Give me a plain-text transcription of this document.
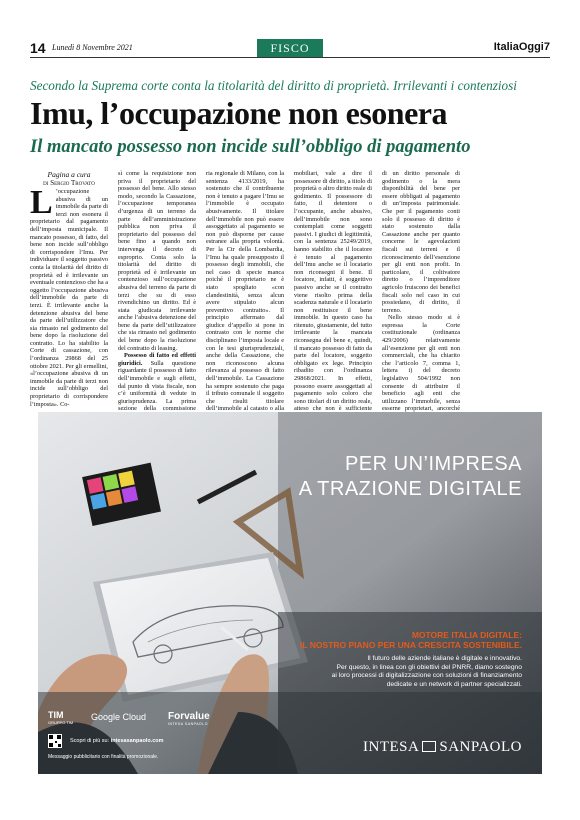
14 Lunedì 8 Novembre 2021	FISCO	ItaliaOggi7
Secondo la Suprema corte conta la titolarità del diritto di proprietà. Irrilevanti i contenziosi
Imu, l’occupazione non esonera
Il mancato possesso non incide sull’obbligo di pagamento
Pagina a cura
di Sergio Trovato

L ’occupazione abusiva di un immobile da parte di terzi non esonera il proprietario dal pagamento dell’imposta municipale. Il mancato possesso, di fatto, del bene non incide sull’obbligo di corrispondere l’Imu. Per individuare il soggetto passivo conta la titolarità del diritto di proprietà ed è irrilevante un eventuale contenzioso che ha a oggetto l’occupazione abusiva dell’immobile da parte di terzi. È irrilevante anche la detenzione abusiva del bene da parte dell’utilizzatore che sia rimasto nel godimento del bene dopo la risoluzione del contratto. Lo ha stabilito la Corte di cassazione, con l’ordinanza 29868 del 25 ottobre 2021. Per gli ermellini, «l’occupazione abusiva di un immobile da parte di terzi non incide sull’obbligo del proprietario di corrispondere l’imposta». Co-

sì come la requisizione non priva il proprietario del possesso del bene. Allo stesso modo, secondo la Cassazione, l’occupazione temporanea d’urgenza di un terreno da parte dell’amministrazione pubblica non priva il proprietario del possesso del bene fino a quando non intervenga il decreto di esproprio. Conta solo la titolarità del diritto di proprietà ed è irrilevante un contenzioso sull’occupazione abusiva del terreno da parte di terzi che su di esso rivendichino un diritto. Ed è stata giudicata irrilevante anche l’abusiva detenzione del bene da parte dell’utilizzatore che sia rimasto nel godimento del bene dopo la risoluzione del contratto di leasing.

Possesso di fatto ed effetti giuridici. Sulla questione riguardante il possesso di fatto dell’immobile e sugli effetti, dal punto di vista fiscale, non c’è uniformità di vedute in giurisprudenza. La prima sezione della commissione

ria regionale di Milano, con la sentenza 4133/2019, ha sostenuto che il contribuente non è tenuto a pagare l’Imu se l’immobile è occupato abusivamente. Il titolare dell’immobile non può essere assoggettato al pagamento se non può disporne per cause estranee alla propria volontà. Per la Ctr della Lombardia, l’Imu ha quale presupposto il possesso degli immobili, che nel caso di specie manca poiché il proprietario ne è stato spogliato «con clandestinità, senza alcun avere stipulato alcun preventivo contratto». Il principio affermato dal giudice d’appello si pone in contrasto con le norme che disciplinano l’imposta locale e con le tesi giurisprudenziali, anche della Cassazione, che non riconoscono alcuna rilevanza al possesso di fatto dell’immobile. La Cassazione ha sempre sostenuto che paga il tributo comunale il soggetto che risulti titolare dell’immobile al catasto o alla

mobiliari, vale a dire il possessore di diritto, a titolo di proprietà o altro diritto reale di godimento. Il possessore di fatto, il detentore o l’occupante, anche abusivo, dell’immobile non sono contemplati come soggetti passivi. I giudici di legittimità, con la sentenza 25249/2019, hanno stabilito che il locatore è tenuto al pagamento dell’Imu anche se il locatario non riconsegni il bene. Il locatore, infatti, è soggettivo passivo anche se il contratto viene risolto prima della scadenza naturale e il locatario non restituisce il bene immobile. In questo caso ha ritenuto, giustamente, del tutto irrilevante la mancata riconsegna del bene e, quindi, il mancato possesso di fatto da parte del locatore, soggetto obbligato ex lege. Principio ribadito con l’ordinanza 29868/2021. In effetti, possono essere assoggettati al pagamento solo coloro che sono titolari di un diritto reale, atteso che non è sufficiente

di un diritto personale di godimento o la mera disponibilità del bene per essere obbligati al pagamento di un’imposta patrimoniale. Che per il pagamento conti solo il possesso di diritto è stato sostenuto dalla Cassazione anche per quanto concerne le agevolazioni fiscali sui terreni e il riconoscimento dell’esenzione per gli enti non profit. In particolare, il coltivatore diretto o l’imprenditore agricolo fruiscono dei benefici fiscali solo nel caso in cui possiedano, di diritto, il terreno.

Nello stesso modo si è espressa la Corte costituzionale (ordinanza 429/2006) relativamente all’esenzione per gli enti non commerciali, che ha chiarito che l’articolo 7, comma 1, lettera i) del decreto legislativo 504/1992 non consente di attribuire il beneficio agli enti che utilizzano l’immobile, senza esserne proprietari, ancorché

PER UN’IMPRESA
A TRAZIONE DIGITALE
MOTORE ITALIA DIGITALE:
IL NOSTRO PIANO PER UNA CRESCITA SOSTENIBILE.
Il futuro delle aziende italiane è digitale e innovativo.
Per questo, in linea con gli obiettivi del PNRR, diamo sostegno
ai loro processi di digitalizzazione con soluzioni di finanziamento
dedicate e un network di partner specializzati.
TIM
GRUPPO TIM
Google Cloud Forvalue
INTESA SANPAOLO
Scopri di più su: intesasanpaolo.com
Messaggio pubblicitario con finalità promozionale.
INTESA SANPAOLO
